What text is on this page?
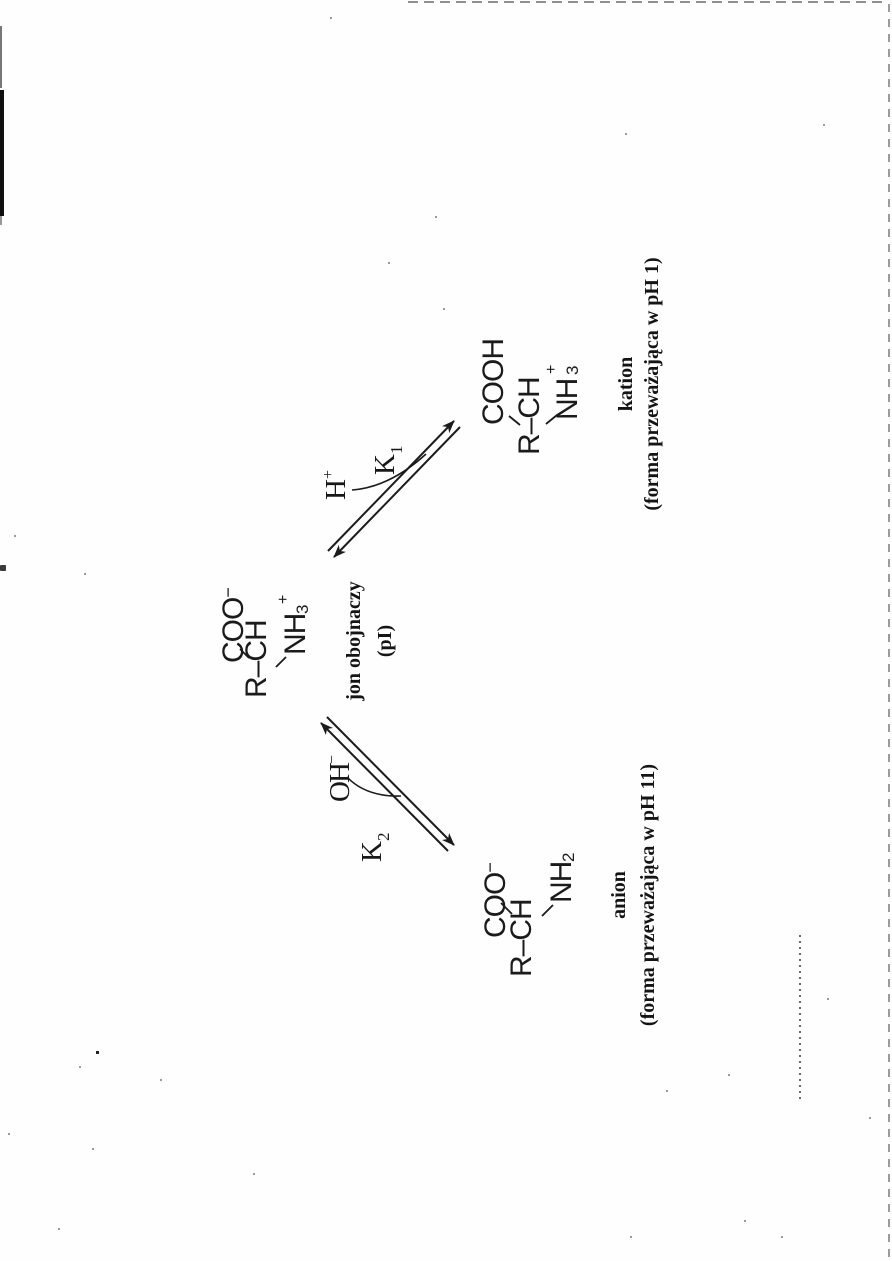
COO−
R–CH NH
3
+	jon obojnaczy (pI)
COOH R–CH NH
+ 3 kation (forma przeważająca w pH 1)
COO−
R–CH
NH
2
anion (forma przeważająca w pH 11)
$K_1$
H+
$K_2$
OH−
